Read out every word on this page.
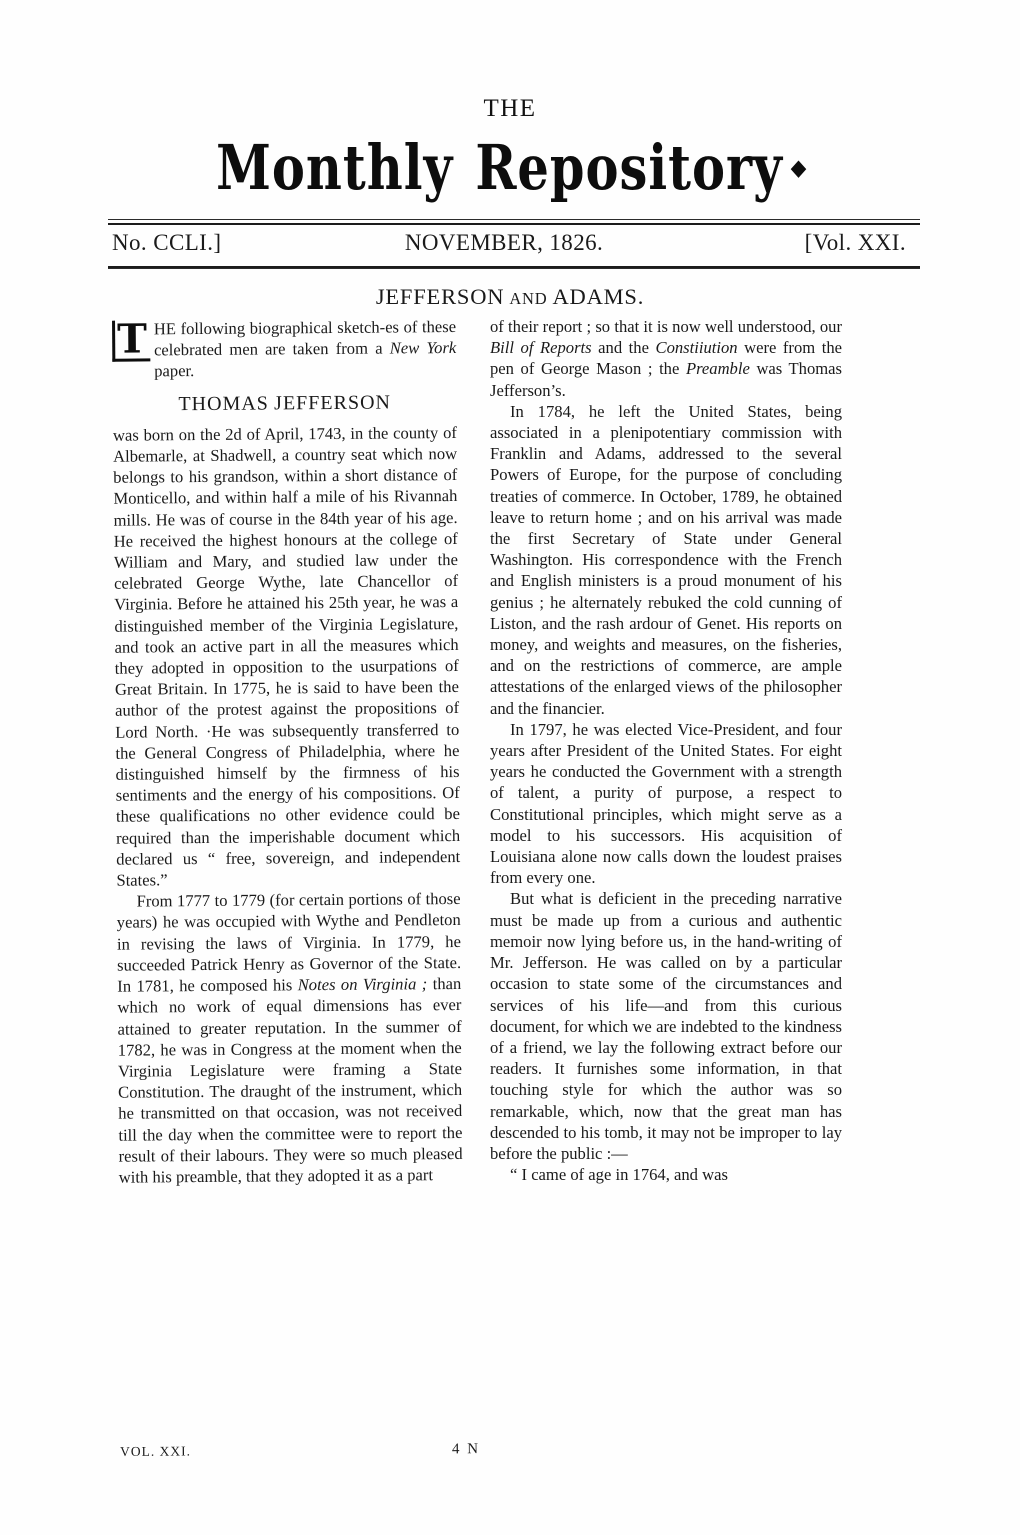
THE
Monthly Repository
No. CCLI.]	NOVEMBER, 1826.	[Vol. XXI.
JEFFERSON AND ADAMS.

T HE following biographical sketch-es of these celebrated men are taken from a New York paper.

THOMAS JEFFERSON

was born on the 2d of April, 1743, in the county of Albemarle, at Shadwell, a country seat which now belongs to his grandson, within a short distance of Monticello, and within half a mile of his Rivannah mills. He was of course in the 84th year of his age. He received the highest honours at the college of William and Mary, and studied law under the celebrated George Wythe, late Chancellor of Virginia. Before he attained his 25th year, he was a distinguished member of the Virginia Legislature, and took an active part in all the measures which they adopted in opposition to the usurpations of Great Britain. In 1775, he is said to have been the author of the protest against the propositions of Lord North. ·He was subsequently transferred to the General Congress of Philadelphia, where he distinguished himself by the firmness of his sentiments and the energy of his compositions. Of these qualifications no other evidence could be required than the imperishable document which declared us “ free, sovereign, and independent States.”

From 1777 to 1779 (for certain portions of those years) he was occupied with Wythe and Pendleton in revising the laws of Virginia. In 1779, he succeeded Patrick Henry as Governor of the State. In 1781, he composed his Notes on Virginia ; than which no work of equal dimensions has ever attained to greater reputation. In the summer of 1782, he was in Congress at the moment when the Virginia Legislature were framing a State Constitution. The draught of the instrument, which he transmitted on that occasion, was not received till the day when the committee were to report the result of their labours. They were so much pleased with his preamble, that they adopted it as a part

of their report ; so that it is now well understood, our Bill of Reports and the Constiiution were from the pen of George Mason ; the Preamble was Thomas Jefferson’s.

In 1784, he left the United States, being associated in a plenipotentiary commission with Franklin and Adams, addressed to the several Powers of Europe, for the purpose of concluding treaties of commerce. In October, 1789, he obtained leave to return home ; and on his arrival was made the first Secretary of State under General Washington. His correspondence with the French and English ministers is a proud monument of his genius ; he alternately rebuked the cold cunning of Liston, and the rash ardour of Genet. His reports on money, and weights and measures, on the fisheries, and on the restrictions of commerce, are ample attestations of the enlarged views of the philosopher and the financier.

In 1797, he was elected Vice-President, and four years after President of the United States. For eight years he conducted the Government with a strength of talent, a purity of purpose, a respect to Constitutional principles, which might serve as a model to his successors. His acquisition of Louisiana alone now calls down the loudest praises from every one.

But what is deficient in the preceding narrative must be made up from a curious and authentic memoir now lying before us, in the hand-writing of Mr. Jefferson. He was called on by a particular occasion to state some of the circumstances and services of his life—and from this curious document, for which we are indebted to the kindness of a friend, we lay the following extract before our readers. It furnishes some information, in that touching style for which the author was so remarkable, which, now that the great man has descended to his tomb, it may not be improper to lay before the public :—

“ I came of age in 1764, and was

VOL. XXI.	4 N
